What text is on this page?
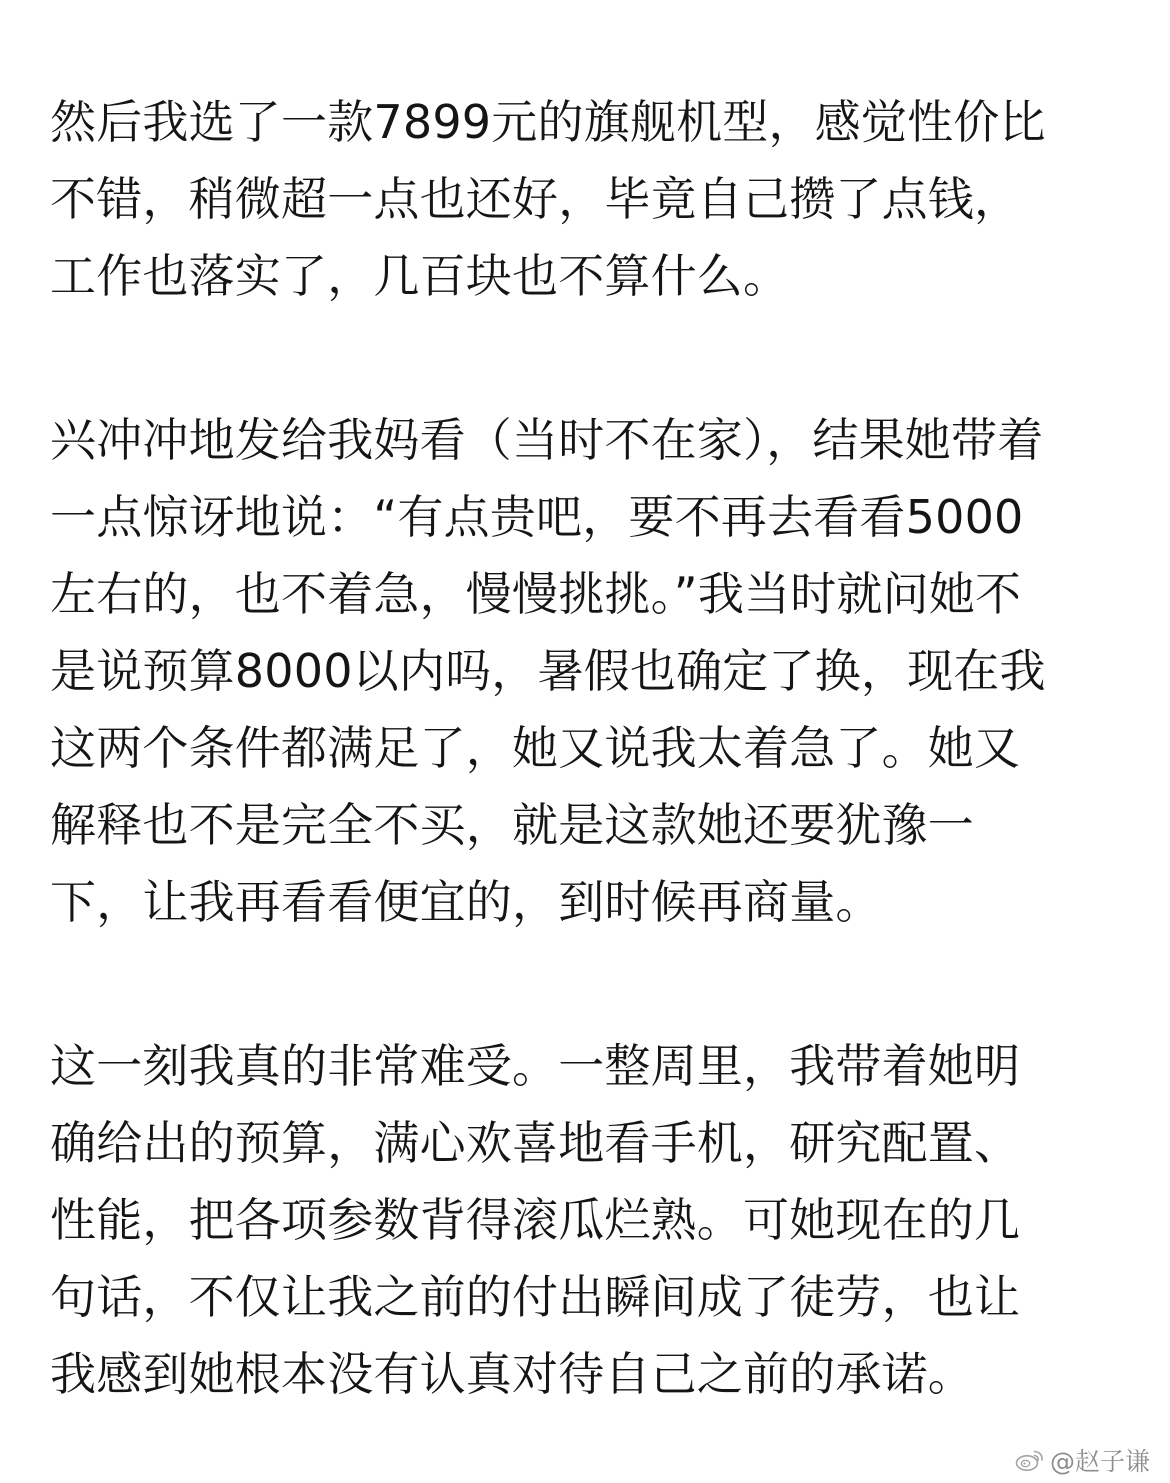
然后我选了一款7899元的旗舰机型，感觉性价比
不错，稍微超一点也还好，毕竟自己攒了点钱，
工作也落实了，几百块也不算什么。
兴冲冲地发给我妈看（当时不在家），结果她带着
一点惊讶地说：“有点贵吧，要不再去看看5000
左右的，也不着急，慢慢挑挑。”我当时就问她不
是说预算8000以内吗，暑假也确定了换，现在我
这两个条件都满足了，她又说我太着急了。她又
解释也不是完全不买，就是这款她还要犹豫一
下，让我再看看便宜的，到时候再商量。
这一刻我真的非常难受。一整周里，我带着她明
确给出的预算，满心欢喜地看手机，研究配置、
性能，把各项参数背得滚瓜烂熟。可她现在的几
句话，不仅让我之前的付出瞬间成了徒劳，也让
我感到她根本没有认真对待自己之前的承诺。
@赵子谦
